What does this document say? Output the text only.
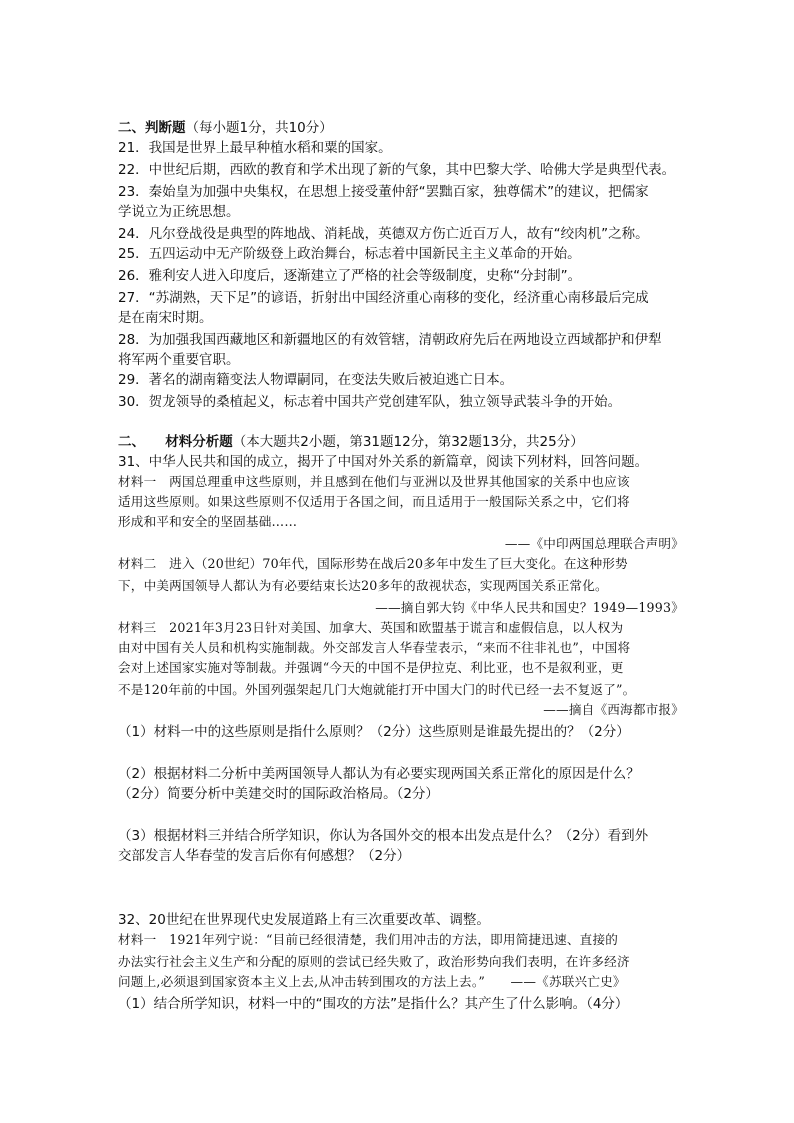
二、判断题（每小题1分，共10分）
21．我国是世界上最早种植水稻和粟的国家。
22．中世纪后期，西欧的教育和学术出现了新的气象，其中巴黎大学、哈佛大学是典型代表。
23．秦始皇为加强中央集权，在思想上接受董仲舒“罢黜百家，独尊儒术”的建议，把儒家
学说立为正统思想。
24．凡尔登战役是典型的阵地战、消耗战，英德双方伤亡近百万人，故有“绞肉机”之称。
25．五四运动中无产阶级登上政治舞台，标志着中国新民主主义革命的开始。
26．雅利安人进入印度后，逐渐建立了严格的社会等级制度，史称“分封制”。
27．“苏湖熟，天下足”的谚语，折射出中国经济重心南移的变化，经济重心南移最后完成
是在南宋时期。
28．为加强我国西藏地区和新疆地区的有效管辖，清朝政府先后在两地设立西域都护和伊犁
将军两个重要官职。
29．著名的湖南籍变法人物谭嗣同，在变法失败后被迫逃亡日本。
30．贺龙领导的桑植起义，标志着中国共产党创建军队，独立领导武装斗争的开始。
二、　　材料分析题（本大题共2小题，第31题12分，第32题13分，共25分）
31、中华人民共和国的成立，揭开了中国对外关系的新篇章，阅读下列材料，回答问题。
材料一　两国总理重申这些原则，并且感到在他们与亚洲以及世界其他国家的关系中也应该
适用这些原则。如果这些原则不仅适用于各国之间，而且适用于一般国际关系之中，它们将
形成和平和安全的坚固基础……
——《中印两国总理联合声明》
材料二　进入（20世纪）70年代，国际形势在战后20多年中发生了巨大变化。在这种形势
下，中美两国领导人都认为有必要结束长达20多年的敌视状态，实现两国关系正常化。
——摘自郭大钧《中华人民共和国史？1949—1993》
材料三　2021年3月23日针对美国、加拿大、英国和欧盟基于谎言和虚假信息，以人权为
由对中国有关人员和机构实施制裁。外交部发言人华春莹表示，“来而不往非礼也”，中国将
会对上述国家实施对等制裁。并强调“今天的中国不是伊拉克、利比亚，也不是叙利亚，更
不是120年前的中国。外国列强架起几门大炮就能打开中国大门的时代已经一去不复返了”。
——摘自《西海都市报》
（1）材料一中的这些原则是指什么原则？（2分）这些原则是谁最先提出的？（2分）
（2）根据材料二分析中美两国领导人都认为有必要实现两国关系正常化的原因是什么？
（2分）简要分析中美建交时的国际政治格局。（2分）
（3）根据材料三并结合所学知识，你认为各国外交的根本出发点是什么？（2分）看到外
交部发言人华春莹的发言后你有何感想？（2分）
32、20世纪在世界现代史发展道路上有三次重要改革、调整。
材料一　1921年列宁说：“目前已经很清楚，我们用冲击的方法，即用简捷迅速、直接的
办法实行社会主义生产和分配的原则的尝试已经失败了，政治形势向我们表明，在许多经济
问题上,必须退到国家资本主义上去,从冲击转到围攻的方法上去。”　　——《苏联兴亡史》
（1）结合所学知识，材料一中的“围攻的方法”是指什么？其产生了什么影响。（4分）
